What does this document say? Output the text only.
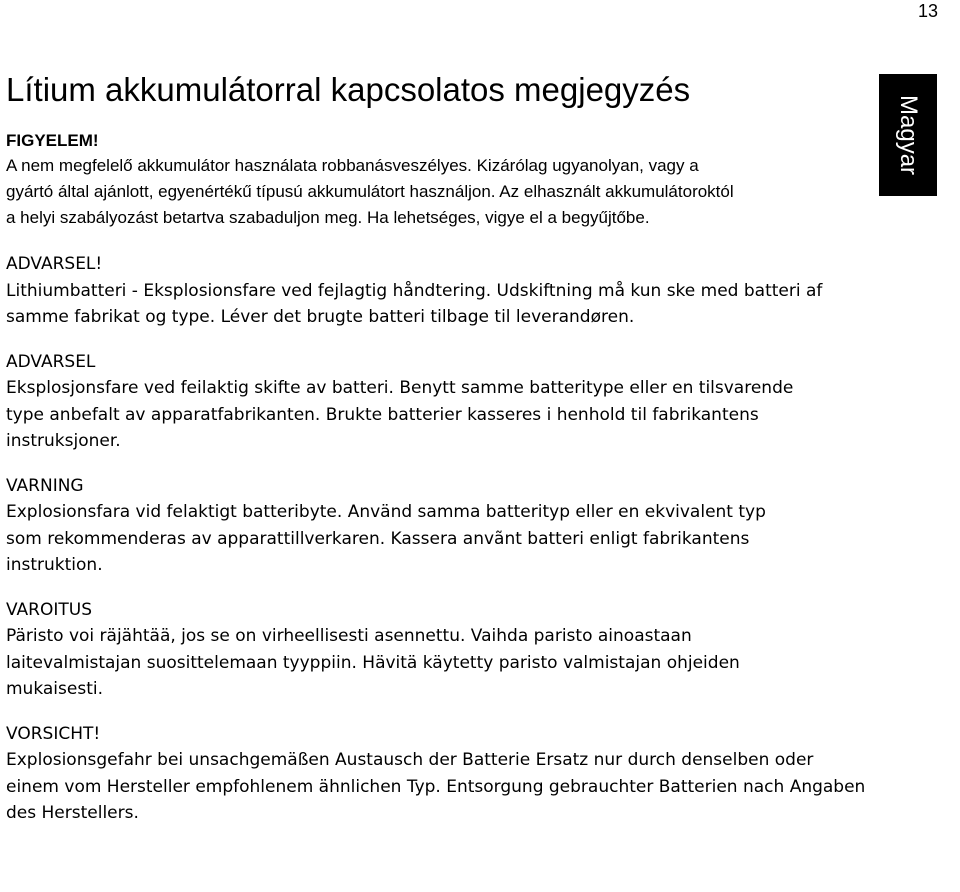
13
Lítium akkumulátorral kapcsolatos megjegyzés
Magyar

FIGYELEM!

A nem megfelelő akkumulátor használata robbanásveszélyes. Kizárólag ugyanolyan, vagy a gyártó által ajánlott, egyenértékű típusú akkumulátort használjon. Az elhasznált akkumulátoroktól a helyi szabályozást betartva szabaduljon meg. Ha lehetséges, vigye el a begyűjtőbe.

ADVARSEL!

Lithiumbatteri - Eksplosionsfare ved fejlagtig håndtering. Udskiftning må kun ske med batteri af samme fabrikat og type. Léver det brugte batteri tilbage til leverandøren.

ADVARSEL

Eksplosjonsfare ved feilaktig skifte av batteri. Benytt samme batteritype eller en tilsvarende type anbefalt av apparatfabrikanten. Brukte batterier kasseres i henhold til fabrikantens instruksjoner.

VARNING

Explosionsfara vid felaktigt batteribyte. Använd samma batterityp eller en ekvivalent typ som rekommenderas av apparattillverkaren. Kassera anvãnt batteri enligt fabrikantens instruktion.

VAROITUS

Päristo voi räjähtää, jos se on virheellisesti asennettu. Vaihda paristo ainoastaan laitevalmistajan suosittelemaan tyyppiin. Hävitä käytetty paristo valmistajan ohjeiden mukaisesti.

VORSICHT!

Explosionsgefahr bei unsachgemäßen Austausch der Batterie Ersatz nur durch denselben oder einem vom Hersteller empfohlenem ähnlichen Typ. Entsorgung gebrauchter Batterien nach Angaben des Herstellers.
